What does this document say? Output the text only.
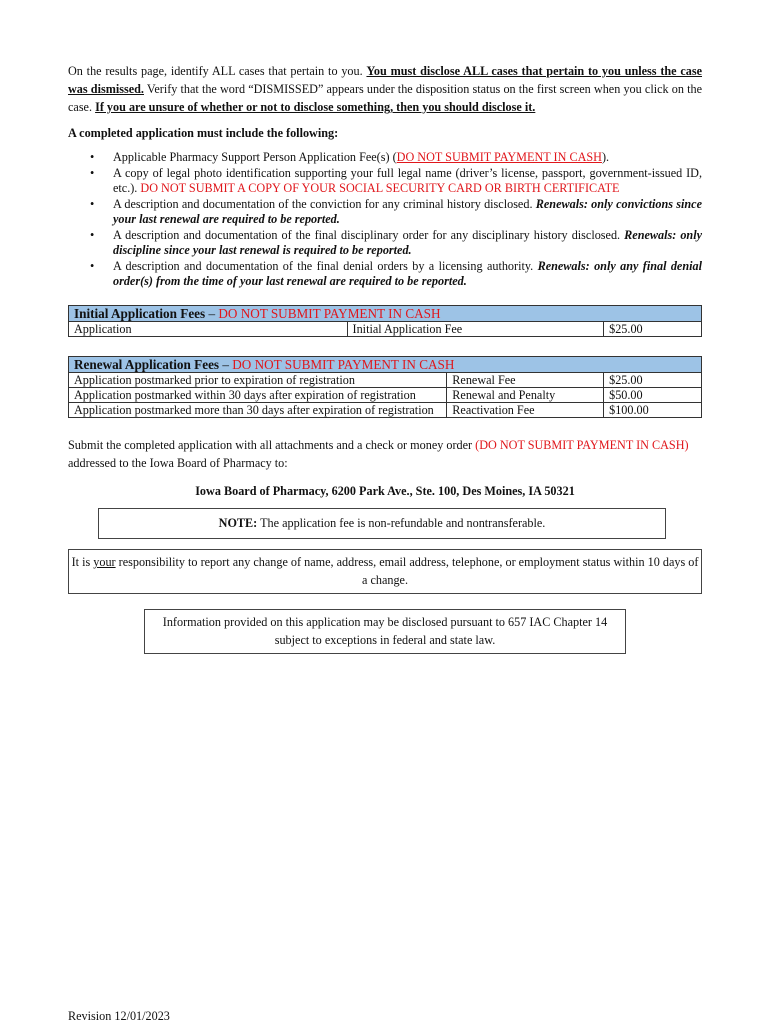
On the results page, identify ALL cases that pertain to you. You must disclose ALL cases that pertain to you unless the case was dismissed. Verify that the word “DISMISSED” appears under the disposition status on the first screen when you click on the case. If you are unsure of whether or not to disclose something, then you should disclose it.

A completed application must include the following:

• Applicable Pharmacy Support Person Application Fee(s) (DO NOT SUBMIT PAYMENT IN CASH).
• A copy of legal photo identification supporting your full legal name (driver’s license, passport, government-issued ID, etc.). DO NOT SUBMIT A COPY OF YOUR SOCIAL SECURITY CARD OR BIRTH CERTIFICATE
• A description and documentation of the conviction for any criminal history disclosed. Renewals: only convictions since your last renewal are required to be reported.
• A description and documentation of the final disciplinary order for any disciplinary history disclosed. Renewals: only discipline since your last renewal is required to be reported.
• A description and documentation of the final denial orders by a licensing authority. Renewals: only any final denial order(s) from the time of your last renewal are required to be reported.
Initial Application Fees – DO NOT SUBMIT PAYMENT IN CASH
Application	Initial Application Fee	$25.00
Renewal Application Fees – DO NOT SUBMIT PAYMENT IN CASH		
Application postmarked prior to expiration of registration	Renewal Fee	$25.00
Application postmarked within 30 days after expiration of registration	Renewal and Penalty	$50.00
Application postmarked more than 30 days after expiration of registration	Reactivation Fee	$100.00

Submit the completed application with all attachments and a check or money order (DO NOT SUBMIT PAYMENT IN CASH) addressed to the Iowa Board of Pharmacy to:

Iowa Board of Pharmacy, 6200 Park Ave., Ste. 100, Des Moines, IA 50321

NOTE: The application fee is non-refundable and nontransferable.
It is your responsibility to report any change of name, address, email address, telephone, or employment status within 10 days of a change.
Information provided on this application may be disclosed pursuant to 657 IAC Chapter 14 subject to exceptions in federal and state law.
Revision 12/01/2023
